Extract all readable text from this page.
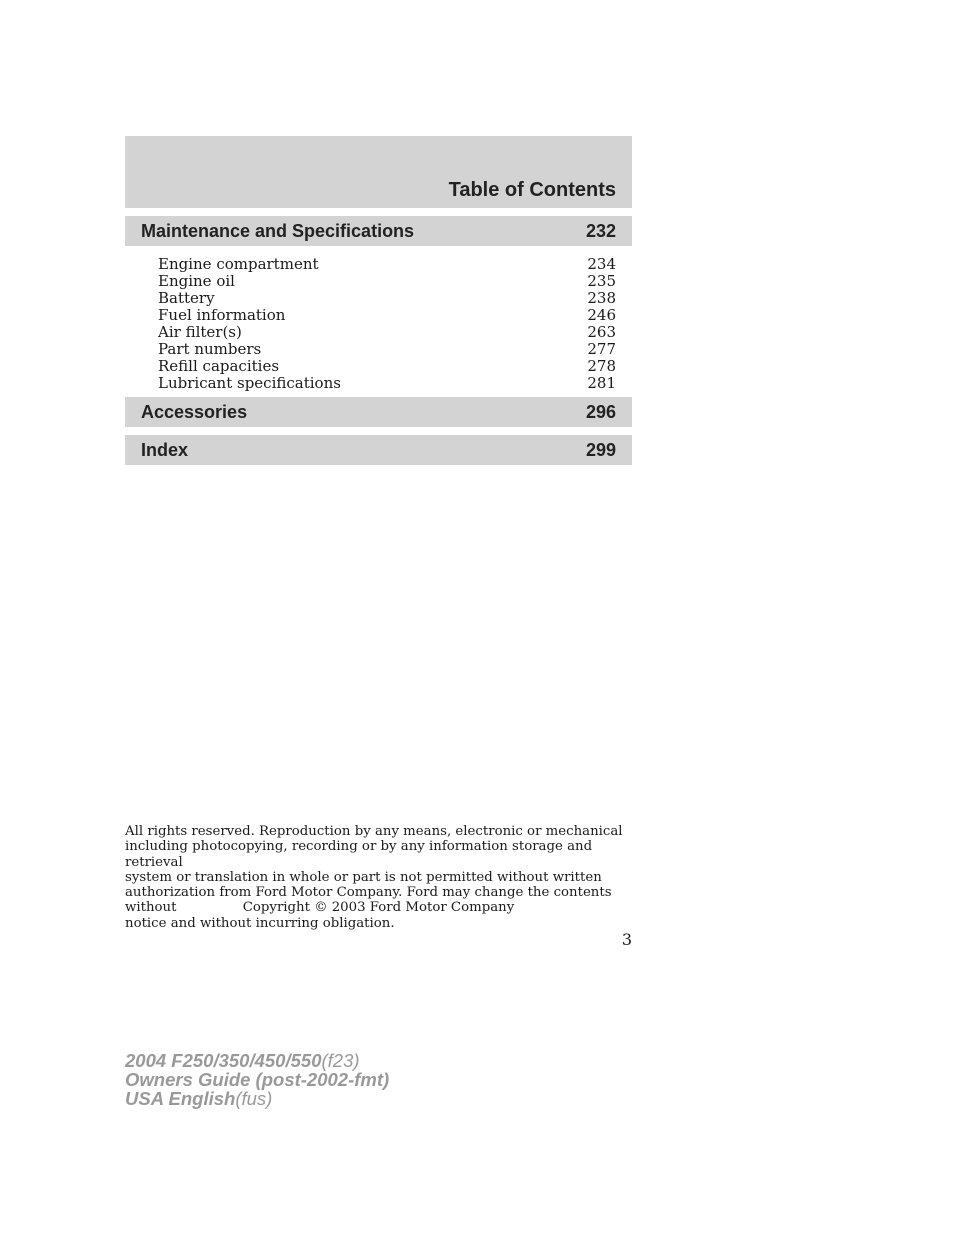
Table of Contents
Maintenance and Specifications	232
Engine compartment	234
Engine oil	235
Battery	238
Fuel information	246
Air filter(s)	263
Part numbers	277
Refill capacities	278
Lubricant specifications	281
Accessories	296
Index	299
All rights reserved. Reproduction by any means, electronic or mechanical
including photocopying, recording or by any information storage and retrieval
system or translation in whole or part is not permitted without written
authorization from Ford Motor Company. Ford may change the contents without
notice and without incurring obligation.
Copyright © 2003 Ford Motor Company
3
2004 F250/350/450/550(f23)
Owners Guide (post-2002-fmt)
USA English(fus)
